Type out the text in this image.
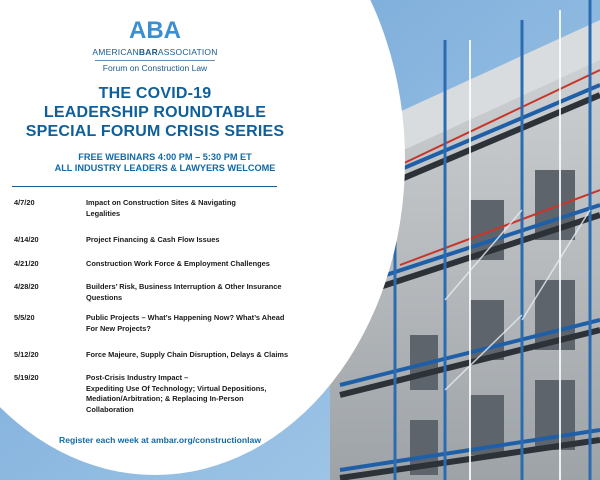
ABA
AMERICANBARASSOCIATION
Forum on Construction Law
THE COVID-19
LEADERSHIP ROUNDTABLE
SPECIAL FORUM CRISIS SERIES
FREE WEBINARS 4:00 PM – 5:30 PM ET
ALL INDUSTRY LEADERS & LAWYERS WELCOME
4/7/20	Impact on Construction Sites & Navigating
Legalities
4/14/20	Project Financing & Cash Flow Issues
4/21/20	Construction Work Force & Employment Challenges
4/28/20	Builders’ Risk, Business Interruption & Other Insurance
Questions
5/5/20	Public Projects – What’s Happening Now? What’s Ahead
For New Projects?
5/12/20	Force Majeure, Supply Chain Disruption, Delays & Claims
5/19/20	Post-Crisis Industry Impact –
Expediting Use Of Technology; Virtual Depositions,
Mediation/Arbitration; & Replacing In-Person
Collaboration
Register each week at ambar.org/constructionlaw
